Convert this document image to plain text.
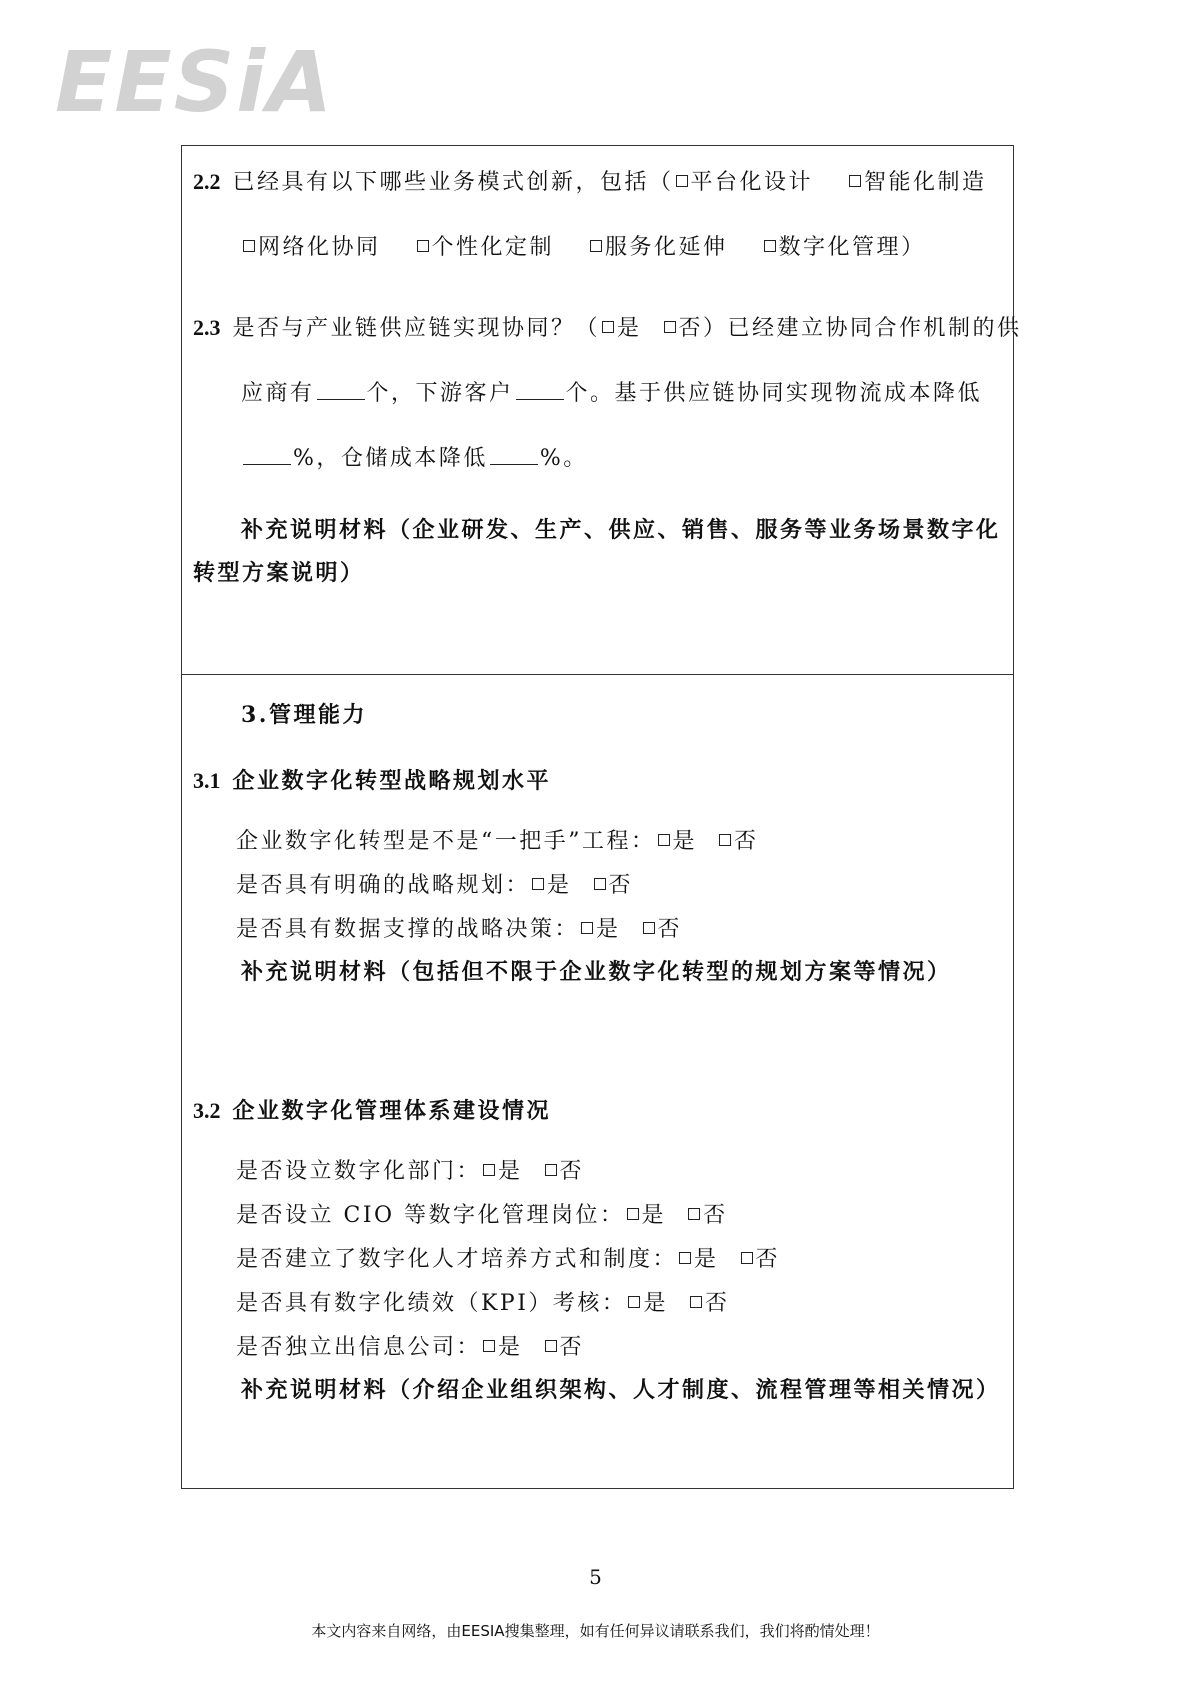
EESiA
2.2 已经具有以下哪些业务模式创新，包括（ 平台化设计 智能化制造
网络化协同 个性化定制 服务化延伸 数字化管理）
2.3 是否与产业链供应链实现协同？（ 是 否）已经建立协同合作机制的供
应商有 个，下游客户 个。基于供应链协同实现物流成本降低
%，仓储成本降低 %。
补充说明材料（企业研发、生产、供应、销售、服务等业务场景数字化
转型方案说明）
3.管理能力
3.1 企业数字化转型战略规划水平
企业数字化转型是不是“一把手”工程： 是 否
是否具有明确的战略规划： 是 否
是否具有数据支撑的战略决策： 是 否
补充说明材料（包括但不限于企业数字化转型的规划方案等情况）
3.2 企业数字化管理体系建设情况
是否设立数字化部门： 是 否
是否设立 CIO 等数字化管理岗位： 是 否
是否建立了数字化人才培养方式和制度： 是 否
是否具有数字化绩效（KPI）考核： 是 否
是否独立出信息公司： 是 否
补充说明材料（介绍企业组织架构、人才制度、流程管理等相关情况）
5
本文内容来自网络，由EESIA搜集整理，如有任何异议请联系我们，我们将酌情处理！
